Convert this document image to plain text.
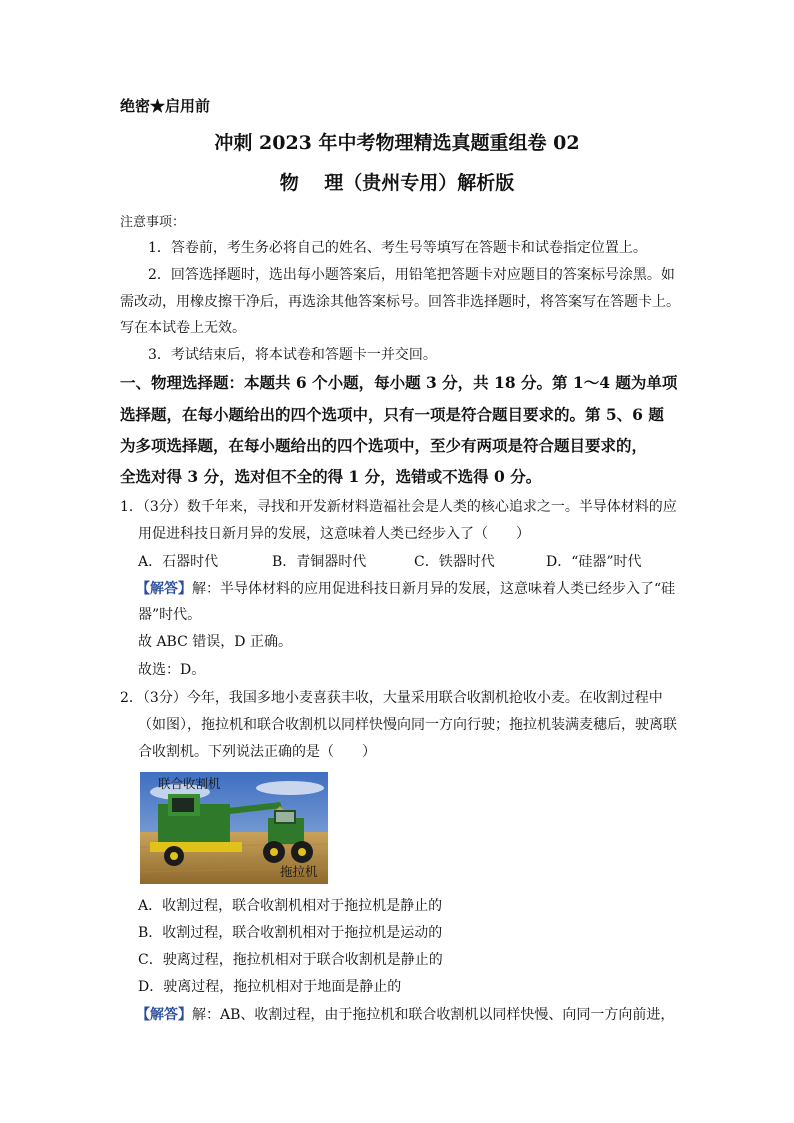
绝密★启用前
冲刺 2023 年中考物理精选真题重组卷 02
物　 理（贵州专用）解析版
注意事项：
1．答卷前，考生务必将自己的姓名、考生号等填写在答题卡和试卷指定位置上。
2．回答选择题时，选出每小题答案后，用铅笔把答题卡对应题目的答案标号涂黑。如
需改动，用橡皮擦干净后，再选涂其他答案标号。回答非选择题时，将答案写在答题卡上。
写在本试卷上无效。
3．考试结束后，将本试卷和答题卡一并交回。
一、物理选择题：本题共 6 个小题，每小题 3 分，共 18 分。第 1～4 题为单项
选择题，在每小题给出的四个选项中，只有一项是符合题目要求的。第 5、6 题
为多项选择题，在每小题给出的四个选项中，至少有两项是符合题目要求的，
全选对得 3 分，选对但不全的得 1 分，选错或不选得 0 分。
1．（3分）数千年来，寻找和开发新材料造福社会是人类的核心追求之一。半导体材料的应
用促进科技日新月异的发展，这意味着人类已经步入了（　　）
A．石器时代	B．青铜器时代	C．铁器时代	D．“硅器”时代
【解答】解：半导体材料的应用促进科技日新月异的发展，这意味着人类已经步入了“硅
器”时代。
故 ABC 错误，D 正确。
故选：D。
2．（3分）今年，我国多地小麦喜获丰收，大量采用联合收割机抢收小麦。在收割过程中
（如图），拖拉机和联合收割机以同样快慢向同一方向行驶；拖拉机装满麦穗后，驶离联
合收割机。下列说法正确的是（　　）
联合收割机
拖拉机
A．收割过程，联合收割机相对于拖拉机是静止的
B．收割过程，联合收割机相对于拖拉机是运动的
C．驶离过程，拖拉机相对于联合收割机是静止的
D．驶离过程，拖拉机相对于地面是静止的
【解答】解：AB、收割过程，由于拖拉机和联合收割机以同样快慢、向同一方向前进，
